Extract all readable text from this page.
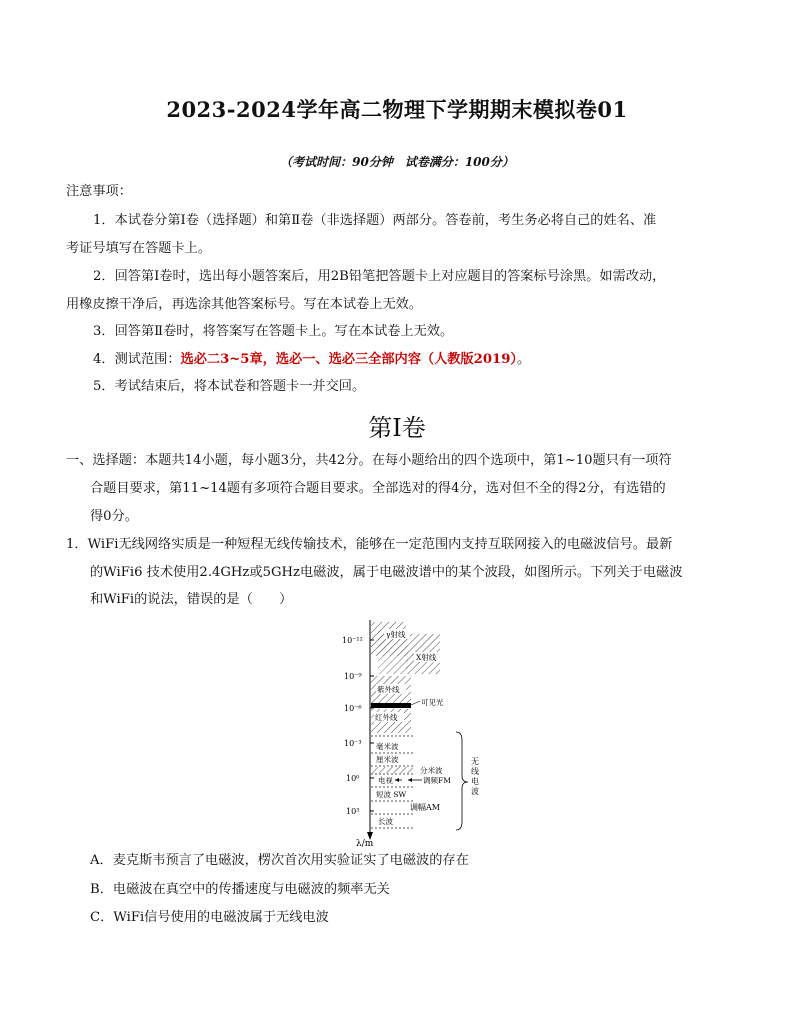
2023-2024学年高二物理下学期期末模拟卷01
（考试时间：90分钟　试卷满分：100分）
注意事项：
1．本试卷分第Ⅰ卷（选择题）和第Ⅱ卷（非选择题）两部分。答卷前，考生务必将自己的姓名、准
考证号填写在答题卡上。
2．回答第Ⅰ卷时，选出每小题答案后，用2B铅笔把答题卡上对应题目的答案标号涂黑。如需改动，
用橡皮擦干净后，再选涂其他答案标号。写在本试卷上无效。
3．回答第Ⅱ卷时，将答案写在答题卡上。写在本试卷上无效。
4．测试范围：选必二3~5章，选必一、选必三全部内容（人教版2019）。
5．考试结束后，将本试卷和答题卡一并交回。
第Ⅰ卷
一、选择题：本题共14小题，每小题3分，共42分。在每小题给出的四个选项中，第1~10题只有一项符
合题目要求，第11~14题有多项符合题目要求。全部选对的得4分，选对但不全的得2分，有选错的
得0分。
1．WiFi无线网络实质是一种短程无线传输技术，能够在一定范围内支持互联网接入的电磁波信号。最新
的WiFi6 技术使用2.4GHz或5GHz电磁波，属于电磁波谱中的某个波段，如图所示。下列关于电磁波
和WiFi的说法，错误的是（　　）
10⁻¹²
10⁻⁹
10⁻⁶
10⁻³
10⁰
10³
λ/m
γ射线
X射线
紫外线
可见光
红外线
毫米波
厘米波
分米波
电视	调频FM
短波 SW
调幅AM
长波
无
线
电
波
A．麦克斯韦预言了电磁波，楞次首次用实验证实了电磁波的存在
B．电磁波在真空中的传播速度与电磁波的频率无关
C．WiFi信号使用的电磁波属于无线电波
